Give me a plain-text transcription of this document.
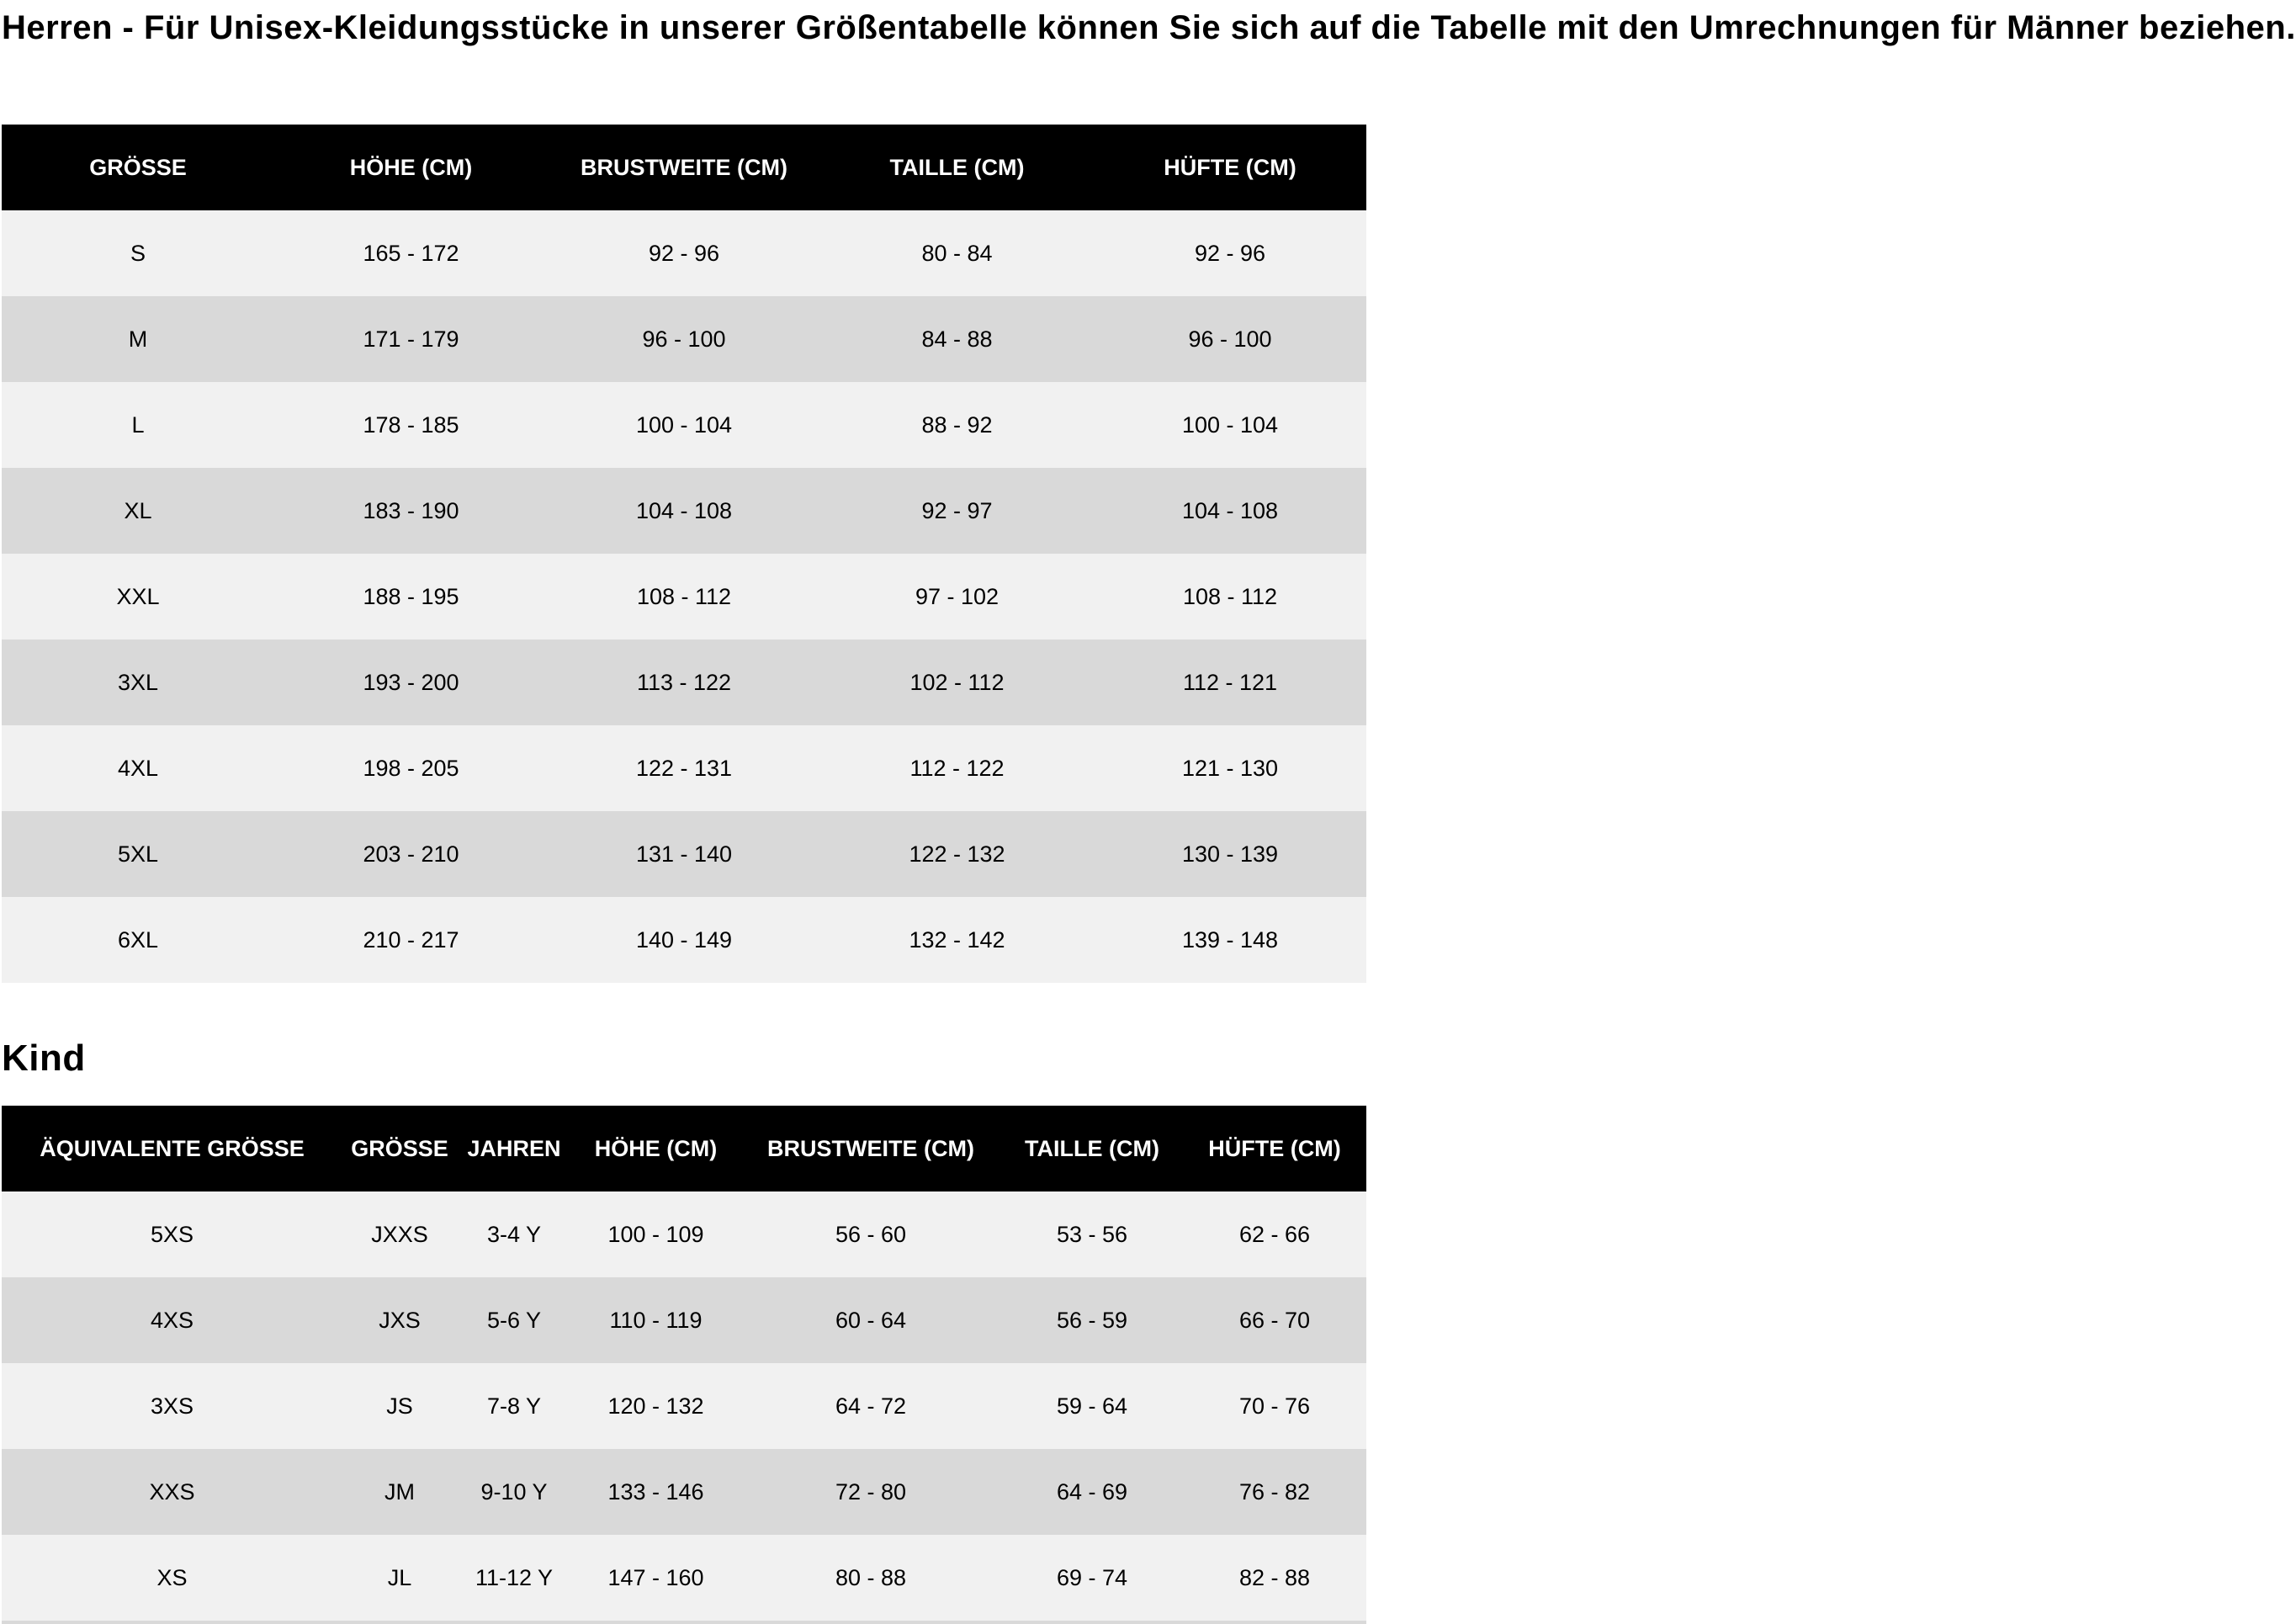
Herren - Für Unisex-Kleidungsstücke in unserer Größentabelle können Sie sich auf die Tabelle mit den Umrechnungen für Männer beziehen.
GRÖSSE	HÖHE (CM)	BRUSTWEITE (CM)	TAILLE (CM)	HÜFTE (CM)
S	165 - 172	92 - 96	80 - 84	92 - 96
M	171 - 179	96 - 100	84 - 88	96 - 100
L	178 - 185	100 - 104	88 - 92	100 - 104
XL	183 - 190	104 - 108	92 - 97	104 - 108
XXL	188 - 195	108 - 112	97 - 102	108 - 112
3XL	193 - 200	113 - 122	102 - 112	112 - 121
4XL	198 - 205	122 - 131	112 - 122	121 - 130
5XL	203 - 210	131 - 140	122 - 132	130 - 139
6XL	210 - 217	140 - 149	132 - 142	139 - 148
Kind
ÄQUIVALENTE GRÖSSE	GRÖSSE	JAHREN	HÖHE (CM)	BRUSTWEITE (CM)	TAILLE (CM)	HÜFTE (CM)
5XS	JXXS	3-4 Y	100 - 109	56 - 60	53 - 56	62 - 66
4XS	JXS	5-6 Y	110 - 119	60 - 64	56 - 59	66 - 70
3XS	JS	7-8 Y	120 - 132	64 - 72	59 - 64	70 - 76
XXS	JM	9-10 Y	133 - 146	72 - 80	64 - 69	76 - 82
XS	JL	11-12 Y	147 - 160	80 - 88	69 - 74	82 - 88
